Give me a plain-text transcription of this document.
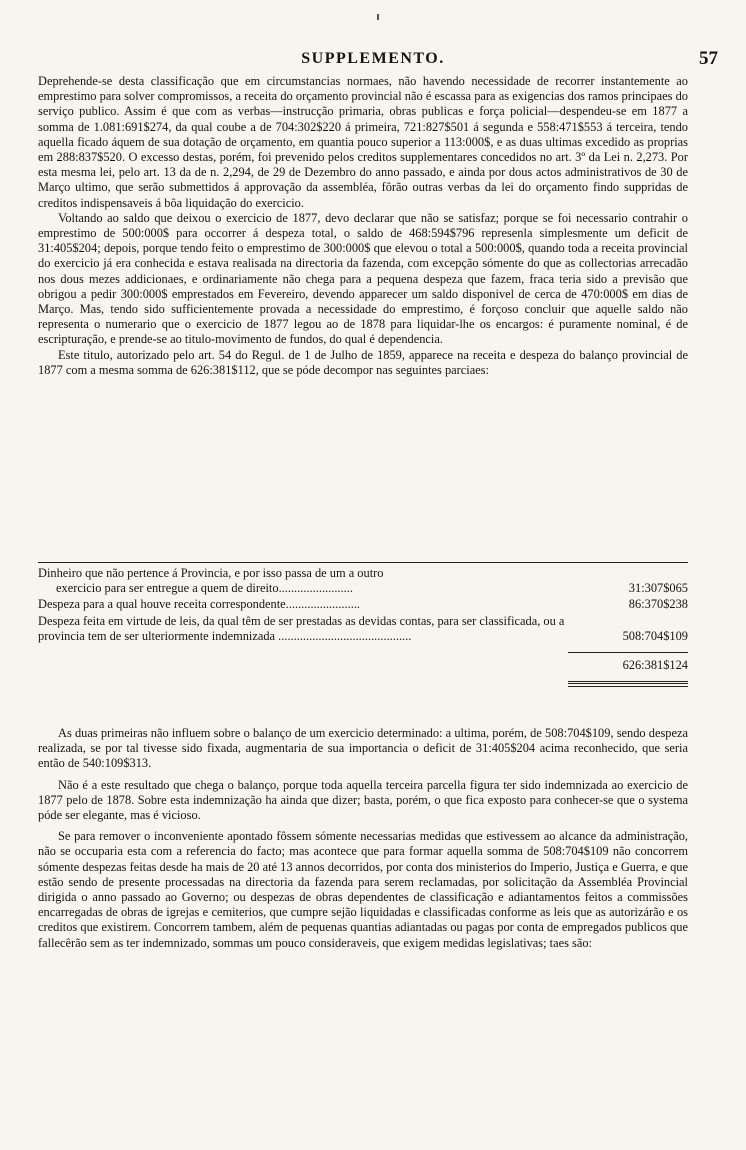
SUPPLEMENTO.	57

Deprehende-se desta classificação que em circumstancias normaes, não havendo necessidade de recorrer instantemente ao emprestimo para solver compromissos, a receita do orçamento provincial não é escassa para as exigencias dos ramos principaes do serviço publico. Assim é que com as verbas—instrucção primaria, obras publicas e força policial—despendeu-se em 1877 a somma de 1.081:691$274, da qual coube a de 704:302$220 á primeira, 721:827$501 á segunda e 558:471$553 á terceira, tendo aquella ficado áquem de sua dotação de orçamento, em quantia pouco superior a 113:000$, e as duas ultimas excedido as proprias em 288:837$520. O excesso destas, porém, foi prevenido pelos creditos supplementares concedidos no art. 3º da Lei n. 2,273. Por esta mesma lei, pelo art. 13 da de n. 2,294, de 29 de Dezembro do anno passado, e ainda por dous actos administrativos de 30 de Março ultimo, que serão submettidos á approvação da assembléa, fôrão outras verbas da lei do orçamento findo suppridas de creditos indispensaveis á bôa liquidação do exercicio.

Voltando ao saldo que deixou o exercicio de 1877, devo declarar que não se satisfaz; porque se foi necessario contrahir o emprestimo de 500:000$ para occorrer á despeza total, o saldo de 468:594$796 represenla simplesmente um deficit de 31:405$204; depois, porque tendo feito o emprestimo de 300:000$ que elevou o total a 500:000$, quando toda a receita provincial do exercicio já era conhecida e estava realisada na directoria da fazenda, com excepção sómente do que as collectorias arrecadão nos dous mezes addicionaes, e ordinariamente não chega para a pequena despeza que fazem, fraca teria sido a previsão que obrigou a pedir 300:000$ emprestados em Fevereiro, devendo apparecer um saldo disponivel de cerca de 470:000$ em dias de Março. Mas, tendo sido sufficientemente provada a necessidade do emprestimo, é forçoso concluir que aquelle saldo não representa o numerario que o exercicio de 1877 legou ao de 1878 para liquidar-lhe os encargos: é puramente nominal, é de escripturação, e prende-se ao titulo-movimento de fundos, do qual é dependencia.

Este titulo, autorizado pelo art. 54 do Regul. de 1 de Julho de 1859, apparece na receita e despeza do balanço provincial de 1877 com a mesma somma de 626:381$112, que se póde decompor nas seguintes parciaes:

Dinheiro que não pertence á Provincia, e por isso passa de um a outro
exercicio para ser entregue a quem de direito........................	31:307$065
Despeza para a qual houve receita correspondente........................	86:370$238
Despeza feita em virtude de leis, da qual têm de ser prestadas as devidas contas, para ser classificada, ou a provincia tem de ser ulteriormente indemnizada ...........................................	508:704$109
626:381$124

As duas primeiras não influem sobre o balanço de um exercicio determinado: a ultima, porém, de 508:704$109, sendo despeza realizada, se por tal tivesse sido fixada, augmentaria de sua importancia o deficit de 31:405$204 acima reconhecido, que seria então de 540:109$313.

Não é a este resultado que chega o balanço, porque toda aquella terceira parcella figura ter sido indemnizada ao exercicio de 1877 pelo de 1878. Sobre esta indemnização ha ainda que dizer; basta, porém, o que fica exposto para conhecer-se que o systema póde ser elegante, mas é vicioso.

Se para remover o inconveniente apontado fôssem sómente necessarias medidas que estivessem ao alcance da administração, não se occuparia esta com a referencia do facto; mas acontece que para formar aquella somma de 508:704$109 não concorrem sómente despezas feitas desde ha mais de 20 até 13 annos decorridos, por conta dos ministerios do Imperio, Justiça e Guerra, e que estão sendo de presente processadas na directoria da fazenda para serem reclamadas, por solicitação da Assembléa Provincial dirigida o anno passado ao Governo; ou despezas de obras dependentes de classificação e adiantamentos feitos a commissões encarregadas de obras de igrejas e cemiterios, que cumpre sejão liquidadas e classificadas conforme as leis que as autorizárão e os creditos que existirem. Concorrem tambem, além de pequenas quantias adiantadas ou pagas por conta de empregados publicos que fallecêrão sem as ter indemnizado, sommas um pouco consideraveis, que exigem medidas legislativas; taes são:
